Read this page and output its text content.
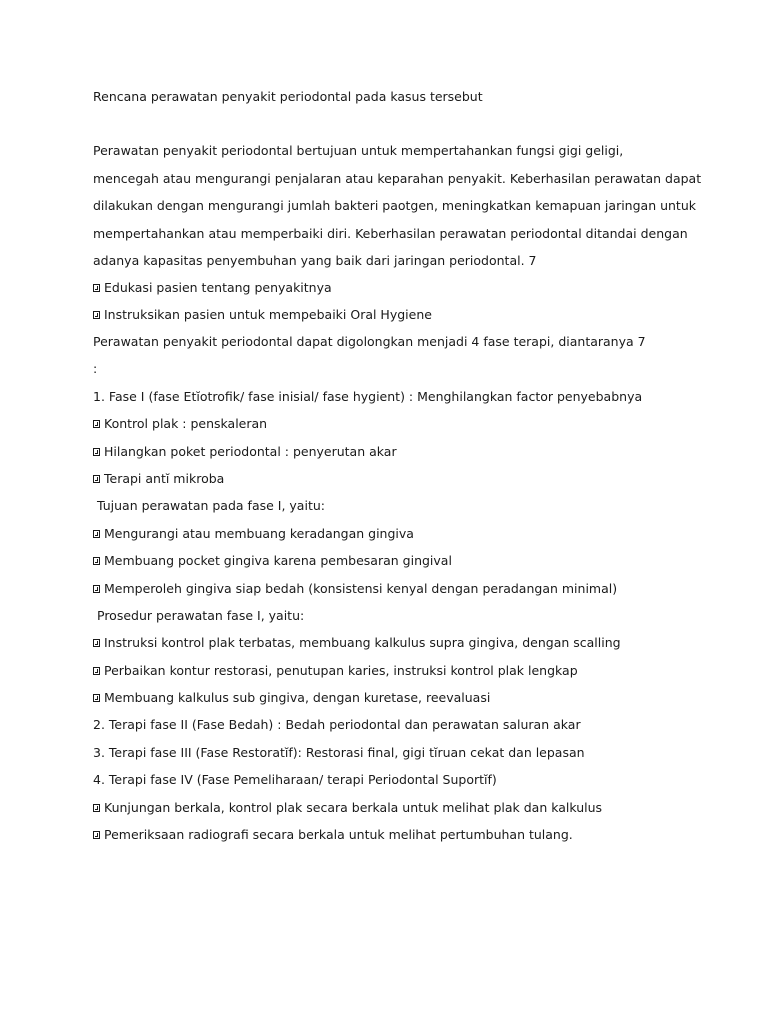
Rencana perawatan penyakit periodontal pada kasus tersebut
Perawatan penyakit periodontal bertujuan untuk mempertahankan fungsi gigi geligi,
mencegah atau mengurangi penjalaran atau keparahan penyakit. Keberhasilan perawatan dapat
dilakukan dengan mengurangi jumlah bakteri paotgen, meningkatkan kemapuan jaringan untuk
mempertahankan atau memperbaiki diri. Keberhasilan perawatan periodontal ditandai dengan
adanya kapasitas penyembuhan yang baik dari jaringan periodontal. 7
Edukasi pasien tentang penyakitnya
Instruksikan pasien untuk mempebaiki Oral Hygiene
Perawatan penyakit periodontal dapat digolongkan menjadi 4 fase terapi, diantaranya 7
:
1. Fase I (fase Etĭotrofik/ fase inisial/ fase hygient) : Menghilangkan factor penyebabnya
Kontrol plak : penskaleran
Hilangkan poket periodontal : penyerutan akar
Terapi antĭ mikroba
Tujuan perawatan pada fase I, yaitu:
Mengurangi atau membuang keradangan gingiva
Membuang pocket gingiva karena pembesaran gingival
Memperoleh gingiva siap bedah (konsistensi kenyal dengan peradangan minimal)
Prosedur perawatan fase I, yaitu:
Instruksi kontrol plak terbatas, membuang kalkulus supra gingiva, dengan scalling
Perbaikan kontur restorasi, penutupan karies, instruksi kontrol plak lengkap
Membuang kalkulus sub gingiva, dengan kuretase, reevaluasi
2. Terapi fase II (Fase Bedah) : Bedah periodontal dan perawatan saluran akar
3. Terapi fase III (Fase Restoratĭf): Restorasi final, gigi tĭruan cekat dan lepasan
4. Terapi fase IV (Fase Pemeliharaan/ terapi Periodontal Suportĭf)
Kunjungan berkala, kontrol plak secara berkala untuk melihat plak dan kalkulus
Pemeriksaan radiografi secara berkala untuk melihat pertumbuhan tulang.
